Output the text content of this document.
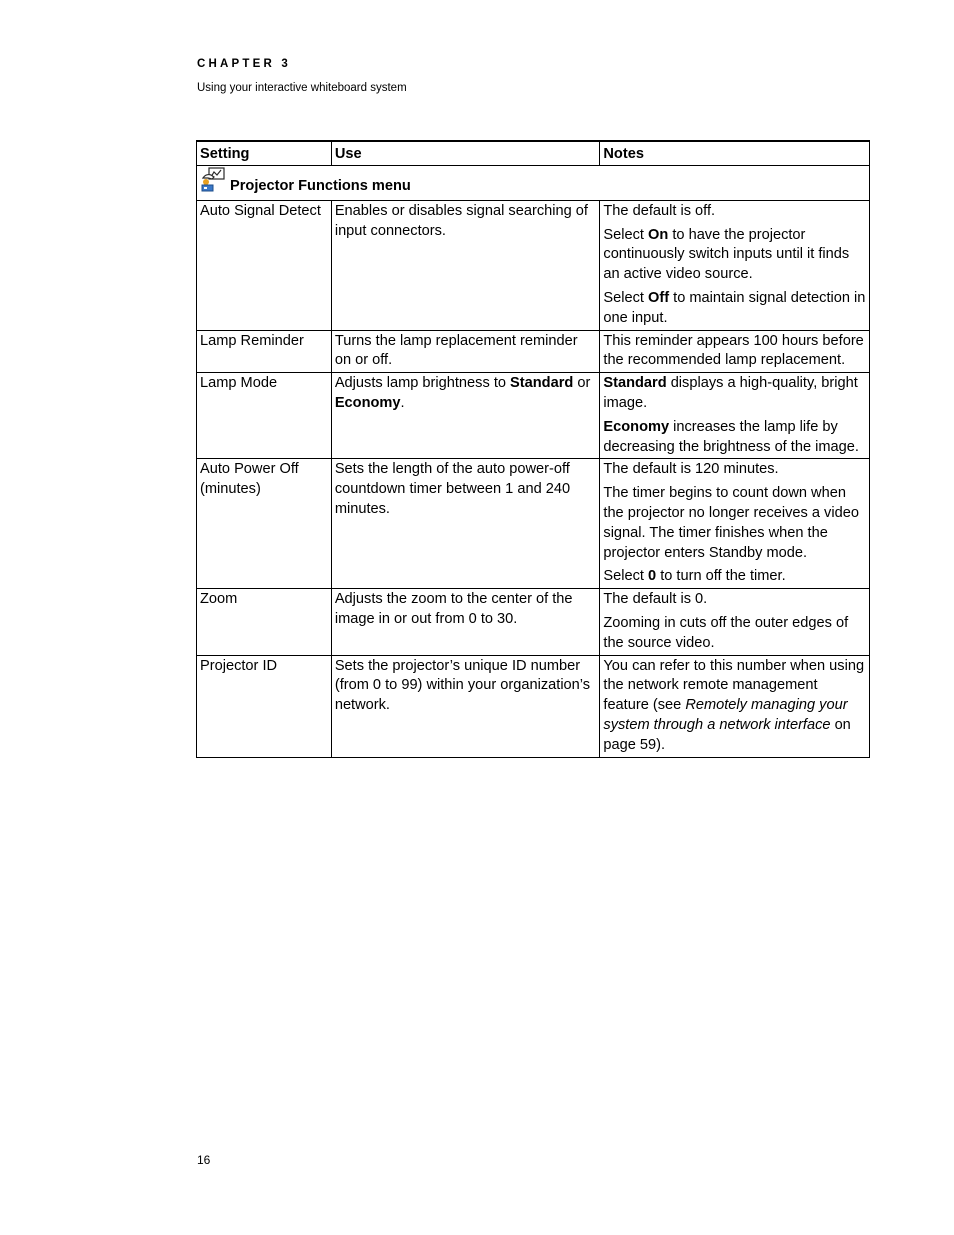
CHAPTER 3
Using your interactive whiteboard system
Setting	Use	Notes
Projector Functions menu		
Auto Signal Detect	Enables or disables signal searching of input connectors.	The default is off.

Select On to have the projector continuously switch inputs until it finds an active video source.

Select Off to maintain signal detection in one input.

Lamp Reminder	Turns the lamp replacement reminder on or off.	This reminder appears 100 hours before the recommended lamp replacement.

Lamp Mode	Adjusts lamp brightness to Standard or Economy.	Standard displays a high-quality, bright image.

Economy increases the lamp life by decreasing the brightness of the image.

Auto Power Off (minutes)	Sets the length of the auto power-off countdown timer between 1 and 240 minutes.	The default is 120 minutes.

The timer begins to count down when the projector no longer receives a video signal. The timer finishes when the projector enters Standby mode.

Select 0 to turn off the timer.

Zoom	Adjusts the zoom to the center of the image in or out from 0 to 30.	The default is 0.

Zooming in cuts off the outer edges of the source video.

Projector ID	Sets the projector’s unique ID number (from 0 to 99) within your organization’s network.	You can refer to this number when using the network remote management feature (see Remotely managing your system through a network interface on page 59).

16
